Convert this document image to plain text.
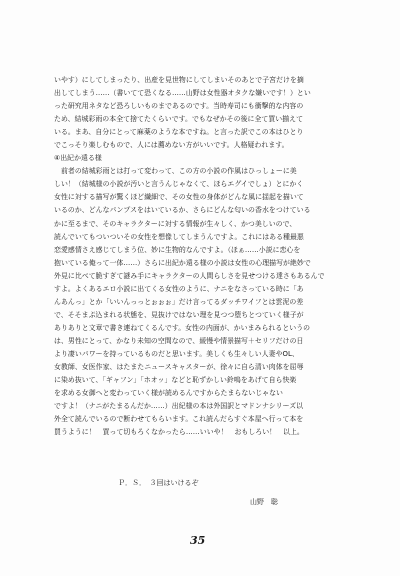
いやす）にしてしまったり、出産を見世物にしてしまいそのあとで子宮だけを摘
出してしまう……（書いてて恐くなる……山野は女性器オタクな嫌いです！）とい
った研究用ネタなど恐ろしいものまであるのです。当時寿司にも衝撃的な内容の
ため、結城彩雨の本全て捨てたくらいです。でもなぜかその後に全て買い揃えて
いる。まあ、自分にとって麻薬のような本ですね。と言った訳でこの本はひとり
でこっそり楽しむもので、人には薦めない方がいいです。人格疑われます。
④出紀か遠る様
　前者の結城彩雨とは打って変わって、この方の小説の作風はひっしょーに美
しい！（結城様の小説が汚いと言うんじゃなくて、ほらエグイでしょ）とにかく
女性に対する描写が驚くほど繊細で、その女性の身体がどんな風に揺起を描いて
いるのか、どんなパンプスをはいているか、さらにどんな匂いの香水をつけている
かに至るまで、そのキャラクターに対する情報が生々しく、かつ美しいので、
読んでいてもついついその女性を想像してしまうんですよ。これにはある種最悪
恋愛感情さえ感じてしまう位、妙に生物的なんですよ。（ほぁ……小説に恋心を
抱いている俺って一体……）さらに出紀か遠る様の小説は女性の心理描写が絶妙で
外見に比べて脆すぎて謎み手にキャラクターの人間らしさを見せつける達さもあるんで
すよ。よくあるエロ小説に出てくる女性のように、ナニをなさっている時に「あ
んあんっ」とか「いいんっっとぉぉぉ」だけ言ってるダッチワイフとは雲泥の差
で、そそまぷ込まれる状態を、見抜けではない理を見つつ堕ちとつていく様子が
ありありと文章で書き連ねてくるんです。女性の内面が、かいまみられるというの
は、男性にとって、かなり未知の空間なので、緩慢や情景描写＋セリフだけの日
より凄いパワーを持っているものだと思います。美しくも生々しい人妻やOL、
女教師、女医作家、はたまたニュースキャスターが、徐々に自ら清い肉体を屈辱
に染め抜いて、「ギャフン」「ホオッ」などと恥ずかしい鈴嗚をあげて自ら快楽
を求める女御へと変わっていく様が読めるんですからたまらないじゃない
ですよ！（ナニがたまるんだか……）出紀様の本は外国訳とマドンナシリーズ以
外全て読んでいるので断わせてもらいます。これ読んだらすぐ本屋へ行って本を
買うように！　買って切もろくなかったら……いいや！　おもしろい！　以上。
Ｐ．Ｓ．　３回はいけるぞ
山野　聡
35
